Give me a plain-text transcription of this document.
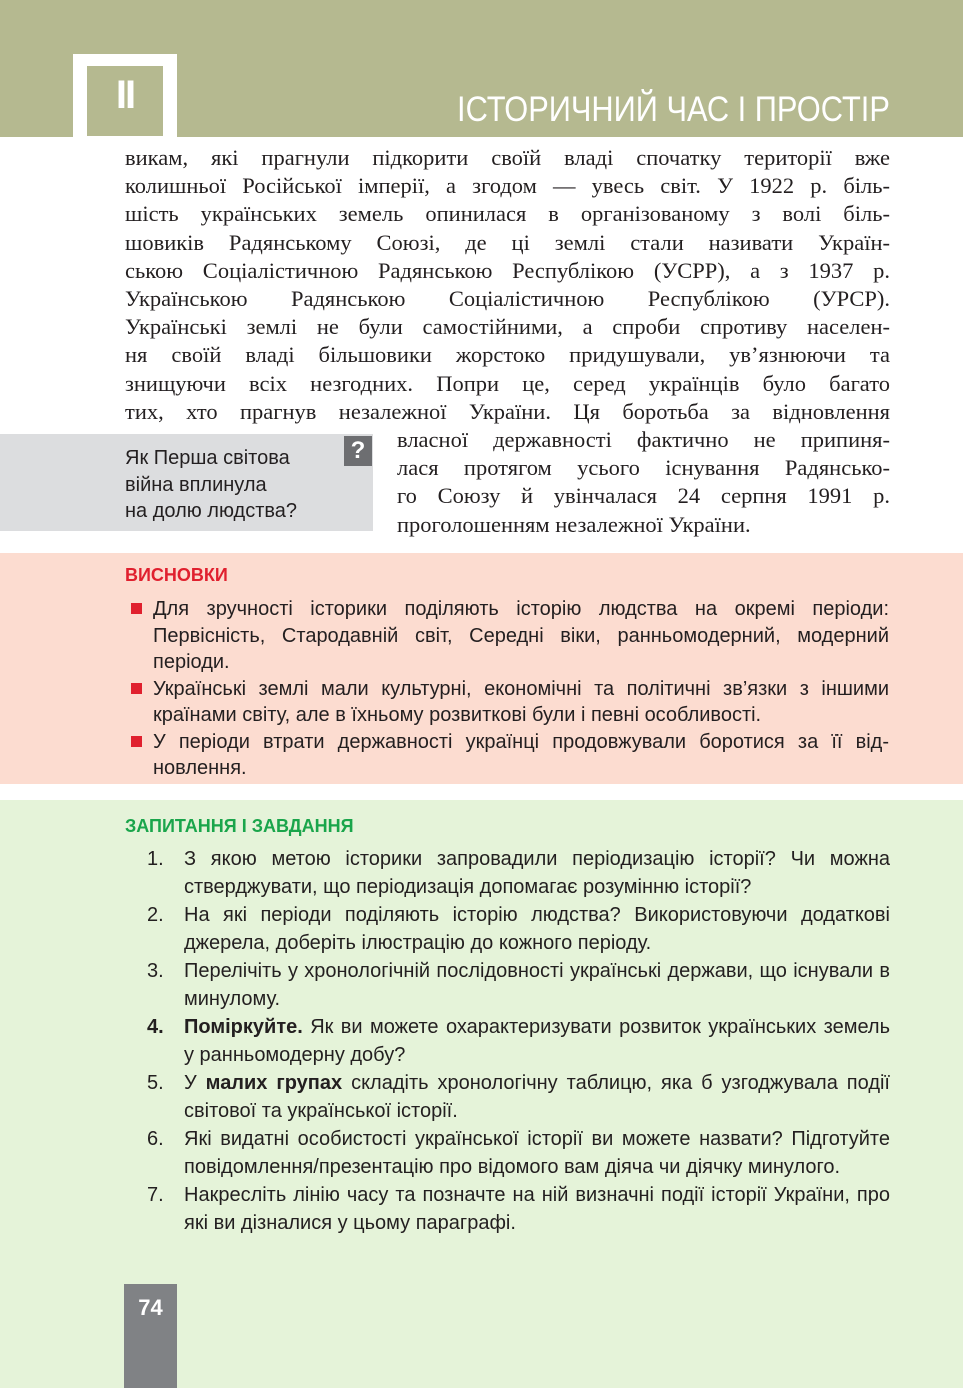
II	ІСТОРИЧНИЙ ЧАС І ПРОСТІР
викам, які прагнули підкорити своїй владі спочатку території вже
колишньої Російської імперії, а згодом — увесь світ. У 1922 р. біль-
шість українських земель опинилася в організованому з волі біль-
шовиків Радянському Союзі, де ці землі стали називати Україн-
ською Соціалістичною Радянською Республікою (УСРР), а з 1937 р.
Українською Радянською Соціалістичною Республікою (УРСР).
Українські землі не були самостійними, а спроби спротиву населен-
ня своїй владі більшовики жорстоко придушували, ув’язнюючи та
знищуючи всіх незгодних. Попри це, серед українців було багато
тих, хто прагнув незалежної України. Ця боротьба за відновлення
Як Перша світова
війна вплинула
на долю людства?
? власної державності фактично не припиня-
лася протягом усього існування Радянсько-
го Союзу й увінчалася 24 серпня 1991 р.
проголошенням незалежної України.
ВИСНОВКИ
Для зручності історики поділяють історію людства на окремі періоди: Первісність, Стародавній світ, Середні віки, ранньомодерний, модерний періоди.
Українські землі мали культурні, економічні та політичні зв’язки з іншими країнами світу, але в їхньому розвиткові були і певні особливості.
У періоди втрати державності українці продовжували боротися за її відновлення.
ЗАПИТАННЯ І ЗАВДАННЯ
1. З якою метою історики запровадили періодизацію історії? Чи можна стверджувати, що періодизація допомагає розумінню історії?
2. На які періоди поділяють історію людства? Використовуючи додаткові джерела, доберіть ілюстрацію до кожного періоду.
3. Перелічіть у хронологічній послідовності українські держави, що існували в минулому.
4. Поміркуйте. Як ви можете охарактеризувати розвиток українських земель у ранньомодерну добу?
5. У малих групах складіть хронологічну таблицю, яка б узгоджувала події світової та української історії.
6. Які видатні особистості української історії ви можете назвати? Підготуйте повідомлення/презентацію про відомого вам діяча чи діячку минулого.
7. Накресліть лінію часу та позначте на ній визначні події історії України, про які ви дізналися у цьому параграфі.
74
